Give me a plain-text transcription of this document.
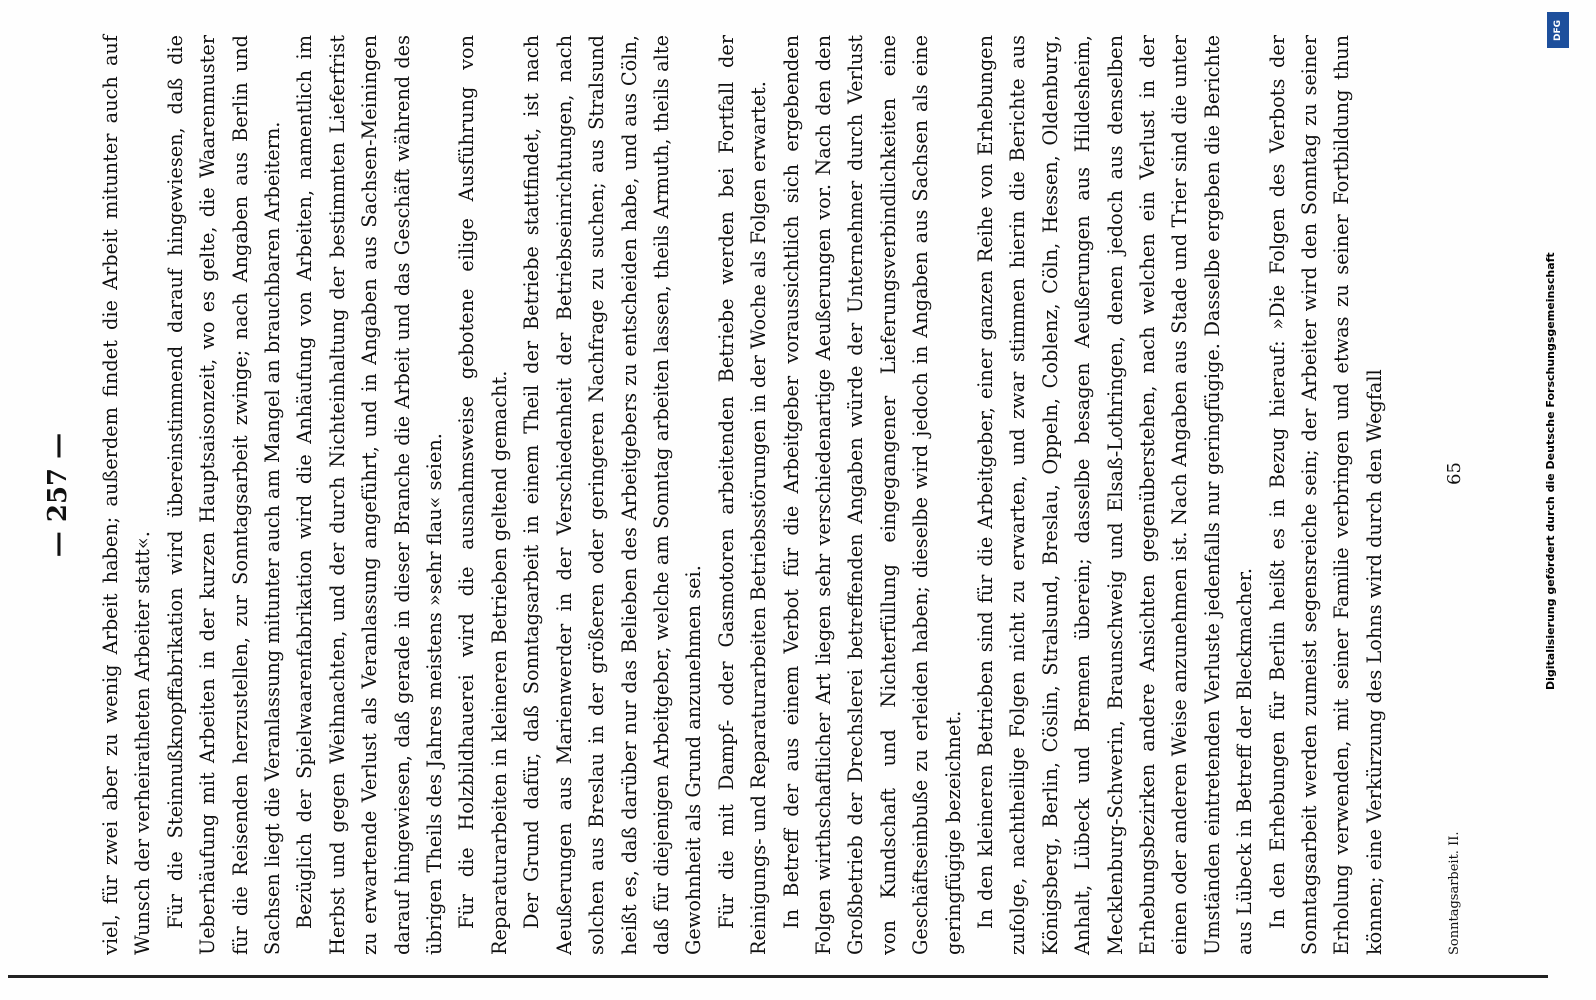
— 257 — viel, für zwei aber zu wenig Arbeit haben; außerdem findet die Arbeit mitunter auch auf Wunsch der verheiratheten Arbeiter statt«. Für die Steinnußknopffabrikation wird übereinstimmend darauf hingewiesen, daß die Ueberhäufung mit Arbeiten in der kurzen Hauptsaisonzeit, wo es gelte, die Waarenmuster für die Reisenden herzustellen, zur Sonntagsarbeit zwinge; nach Angaben aus Berlin und Sachsen liegt die Veranlassung mitunter auch am Mangel an brauchbaren Arbeitern. Bezüglich der Spielwaarenfabrikation wird die Anhäufung von Arbeiten, namentlich im Herbst und gegen Weihnachten, und der durch Nichteinhaltung der bestimmten Lieferfrist zu erwartende Verlust als Veranlassung angeführt, und in Angaben aus Sachsen-Meiningen darauf hingewiesen, daß gerade in dieser Branche die Arbeit und das Geschäft während des übrigen Theils des Jahres meistens »sehr flau« seien. Für die Holzbildhauerei wird die ausnahmsweise gebotene eilige Ausführung von Reparaturarbeiten in kleineren Betrieben geltend gemacht. Der Grund dafür, daß Sonntagsarbeit in einem Theil der Betriebe stattfindet, ist nach Aeußerungen aus Marienwerder in der Verschiedenheit der Betriebseinrichtungen, nach solchen aus Breslau in der größeren oder geringeren Nachfrage zu suchen; aus Stralsund heißt es, daß darüber nur das Belieben des Arbeitgebers zu entscheiden habe, und aus Cöln, daß für diejenigen Arbeitgeber, welche am Sonntag arbeiten lassen, theils Armuth, theils alte Gewohnheit als Grund anzunehmen sei. Für die mit Dampf- oder Gasmotoren arbeitenden Betriebe werden bei Fortfall der Reinigungs- und Reparaturarbeiten Betriebsstörungen in der Woche als Folgen erwartet. In Betreff der aus einem Verbot für die Arbeitgeber voraussichtlich sich ergebenden Folgen wirthschaftlicher Art liegen sehr verschiedenartige Aeußerungen vor. Nach den den Großbetrieb der Drechslerei betreffenden Angaben würde der Unternehmer durch Verlust von Kundschaft und Nichterfüllung eingegangener Lieferungsverbindlichkeiten eine Geschäftseinbuße zu erleiden haben; dieselbe wird jedoch in Angaben aus Sachsen als eine geringfügige bezeichnet. In den kleineren Betrieben sind für die Arbeitgeber, einer ganzen Reihe von Erhebungen zufolge, nachtheilige Folgen nicht zu erwarten, und zwar stimmen hierin die Berichte aus Königsberg, Berlin, Cöslin, Stralsund, Breslau, Oppeln, Coblenz, Cöln, Hessen, Oldenburg, Anhalt, Lübeck und Bremen überein; dasselbe besagen Aeußerungen aus Hildesheim, Mecklenburg-Schwerin, Braunschweig und Elsaß-Lothringen, denen jedoch aus denselben Erhebungsbezirken andere Ansichten gegenüberstehen, nach welchen ein Verlust in der einen oder anderen Weise anzunehmen ist. Nach Angaben aus Stade und Trier sind die unter Umständen eintretenden Verluste jedenfalls nur geringfügige. Dasselbe ergeben die Berichte aus Lübeck in Betreff der Bleckmacher. In den Erhebungen für Berlin heißt es in Bezug hierauf: »Die Folgen des Verbots der Sonntagsarbeit werden zumeist segensreiche sein; der Arbeiter wird den Sonntag zu seiner Erholung verwenden, mit seiner Familie verbringen und etwas zu seiner Fortbildung thun können; eine Verkürzung des Lohns wird durch den Wegfall	Sonntagsarbeit. II.
65
DFG
Digitalisierung gefördert durch die Deutsche Forschungsgemeinschaft
